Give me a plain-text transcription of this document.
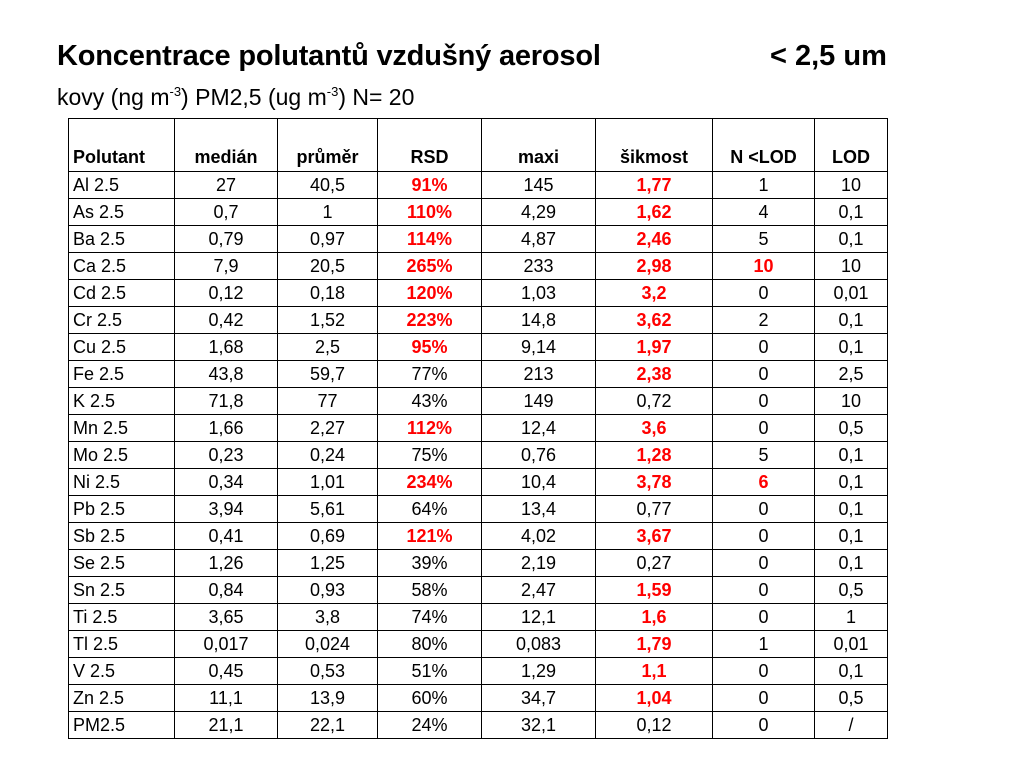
Koncentrace polutantů vzdušný aerosol	< 2,5 um
kovy (ng $m^{-3}$) PM2,5 (ug $m^{-3}$) N= 20
Polutant	medián	průměr	RSD	maxi	šikmost	N <LOD	LOD
Al 2.5	27	40,5	91%	145	1,77	1	10
As 2.5	0,7	1	110%	4,29	1,62	4	0,1
Ba 2.5	0,79	0,97	114%	4,87	2,46	5	0,1
Ca 2.5	7,9	20,5	265%	233	2,98	10	10
Cd 2.5	0,12	0,18	120%	1,03	3,2	0	0,01
Cr 2.5	0,42	1,52	223%	14,8	3,62	2	0,1
Cu 2.5	1,68	2,5	95%	9,14	1,97	0	0,1
Fe 2.5	43,8	59,7	77%	213	2,38	0	2,5
K 2.5	71,8	77	43%	149	0,72	0	10
Mn 2.5	1,66	2,27	112%	12,4	3,6	0	0,5
Mo 2.5	0,23	0,24	75%	0,76	1,28	5	0,1
Ni 2.5	0,34	1,01	234%	10,4	3,78	6	0,1
Pb 2.5	3,94	5,61	64%	13,4	0,77	0	0,1
Sb 2.5	0,41	0,69	121%	4,02	3,67	0	0,1
Se 2.5	1,26	1,25	39%	2,19	0,27	0	0,1
Sn 2.5	0,84	0,93	58%	2,47	1,59	0	0,5
Ti 2.5	3,65	3,8	74%	12,1	1,6	0	1
Tl 2.5	0,017	0,024	80%	0,083	1,79	1	0,01
V 2.5	0,45	0,53	51%	1,29	1,1	0	0,1
Zn 2.5	11,1	13,9	60%	34,7	1,04	0	0,5
PM2.5	21,1	22,1	24%	32,1	0,12	0	/
